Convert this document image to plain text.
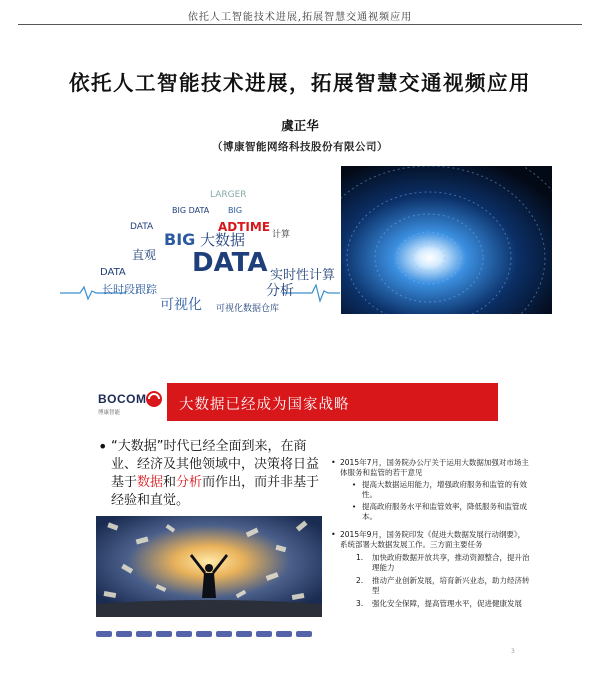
依托人工智能技术进展,拓展智慧交通视频应用
依托人工智能技术进展，拓展智慧交通视频应用
虞正华
（博康智能网络科技股份有限公司）
LARGER
BIG DATA BIG
ADTIME
DATA
BIG 大数据	计算
直观 DATA
DATA	实时性计算
长时段跟踪	分析
可视化 可视化数据仓库
BOCOM
博康智能	大数据已经成为国家战略
• “大数据”时代已经全面到来，在商业、经济及其他领域中，决策将日益基于数据和分析而作出，而并非基于经验和直觉。
• 2015年7月，国务院办公厅关于运用大数据加强对市场主体服务和监管的若干意见
• 提高大数据运用能力，增强政府服务和监管的有效性。
• 提高政府服务水平和监管效率，降低服务和监管成本。
• 2015年9月，国务院印发《促进大数据发展行动纲要》，系统部署大数据发展工作。三方面主要任务
1. 加快政府数据开放共享，推动资源整合，提升治理能力
2. 推动产业创新发展，培育新兴业态，助力经济转型
3. 强化安全保障，提高管理水平，促进健康发展
3
